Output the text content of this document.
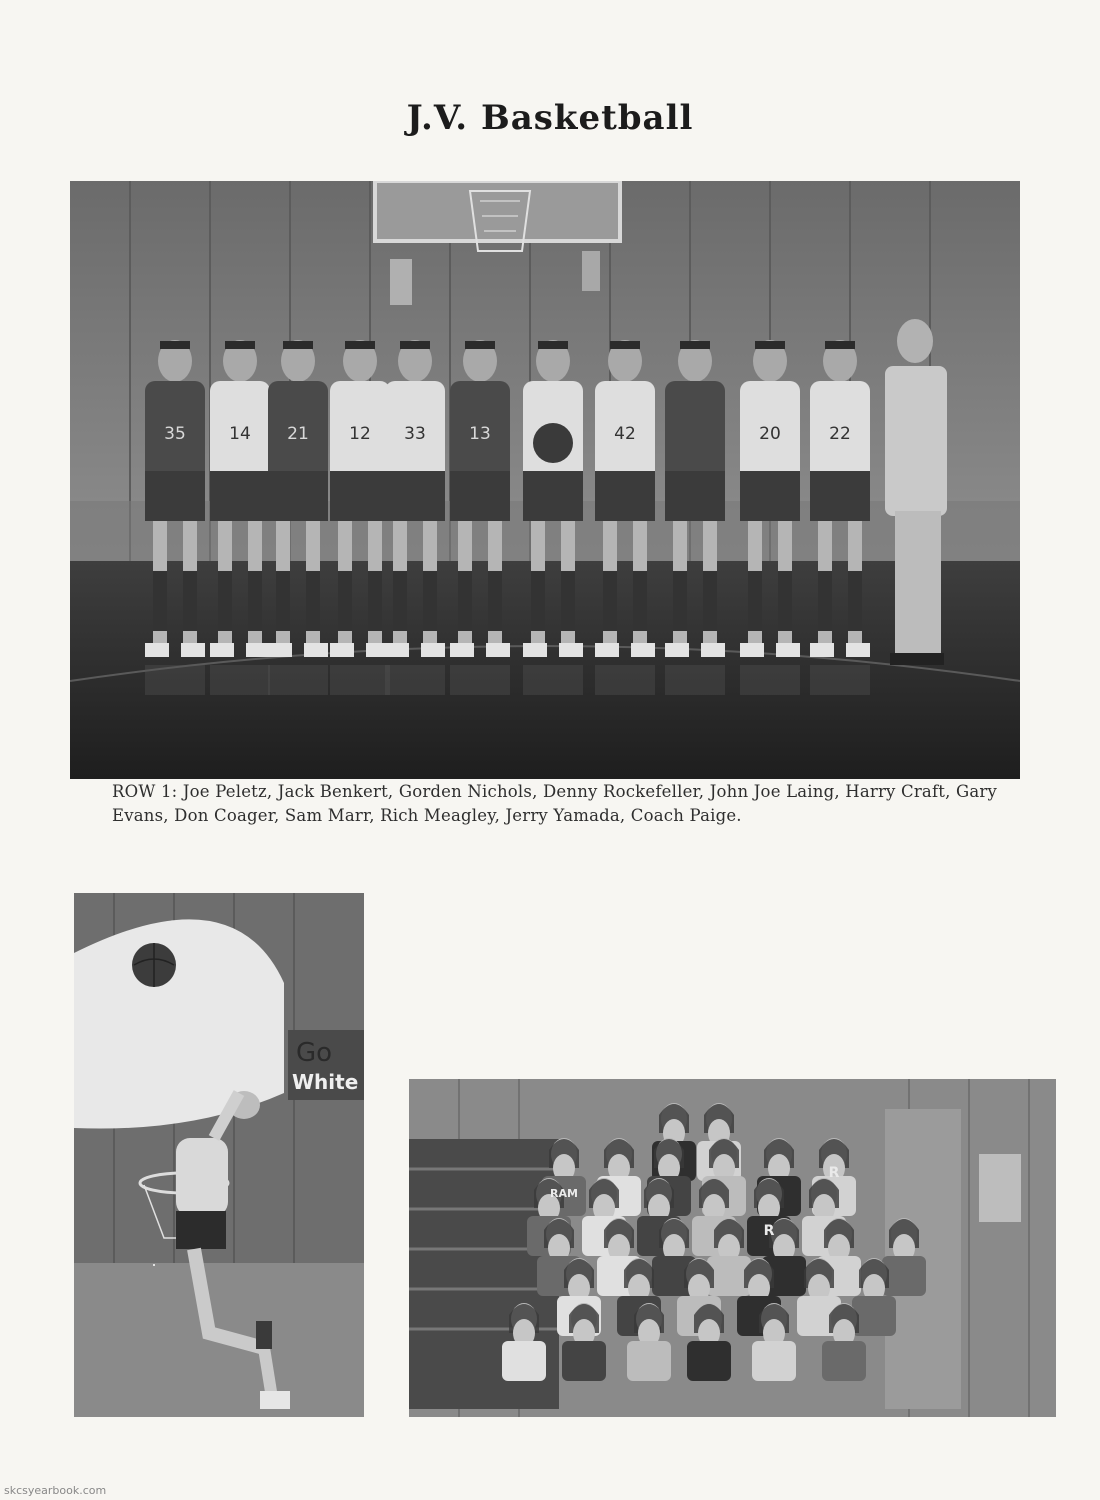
J.V. Basketball
35	14 21 12 33	13	42	20	22
ROW 1: Joe Peletz, Jack Benkert, Gorden Nichols, Denny Rockefeller, John Joe Laing, Harry Craft, Gary Evans, Don Coager, Sam Marr, Rich Meagley, Jerry Yamada, Coach Paige.
Go
White
RAM
R
R
skcsyearbook.com
